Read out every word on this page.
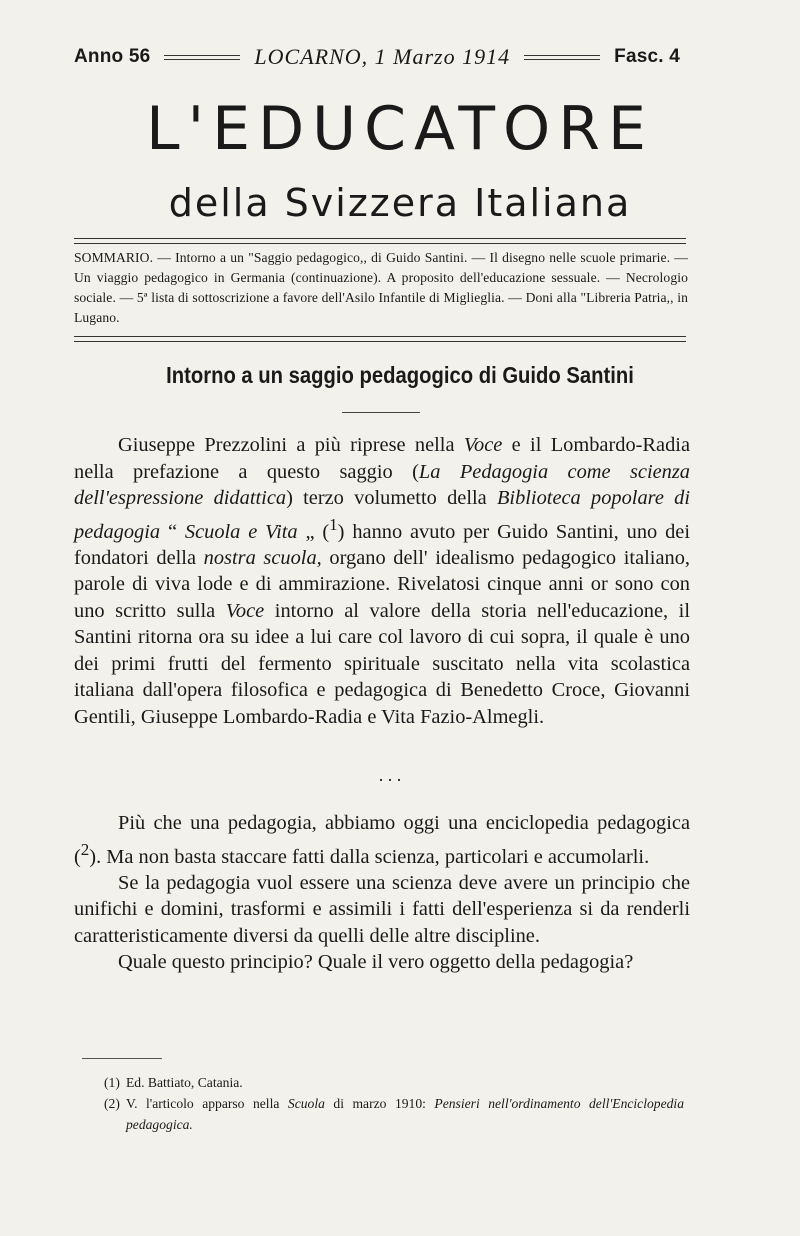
Anno 56	LOCARNO, 1 Marzo 1914	Fasc. 4
L'EDUCATORE
della Svizzera Italiana
SOMMARIO. — Intorno a un "Saggio pedagogico,, di Guido Santini. — Il disegno nelle scuole primarie. — Un viaggio pedagogico in Germania (continuazione). A proposito dell'educazione sessuale. — Necrologio sociale. — 5ª lista di sottoscrizione a favore dell'Asilo Infantile di Miglieglia. — Doni alla "Libreria Patria,, in Lugano.
Intorno a un saggio pedagogico di Guido Santini

Giuseppe Prezzolini a più riprese nella Voce e il Lombardo-Radia nella prefazione a questo saggio (La Pedagogia come scienza dell'espressione didattica) terzo volumetto della Biblioteca popolare di pedagogia “ Scuola e Vita „ ($^1$) hanno avuto per Guido Santini, uno dei fondatori della nostra scuola, organo dell' idealismo pedagogico italiano, parole di viva lode e di ammirazione. Rivelatosi cinque anni or sono con uno scritto sulla Voce intorno al valore della storia nell'educazione, il Santini ritorna ora su idee a lui care col lavoro di cui sopra, il quale è uno dei primi frutti del fermento spirituale suscitato nella vita scolastica italiana dall'opera filosofica e pedagogica di Benedetto Croce, Giovanni Gentili, Giuseppe Lombardo-Radia e Vita Fazio-Almegli.

. . .

Più che una pedagogia, abbiamo oggi una enciclopedia pedagogica ($^2$). Ma non basta staccare fatti dalla scienza, particolari e accumolarli.

Se la pedagogia vuol essere una scienza deve avere un principio che unifichi e domini, trasformi e assimili i fatti dell'esperienza si da renderli caratteristicamente diversi da quelli delle altre discipline.

Quale questo principio? Quale il vero oggetto della pedagogia?

(1) Ed. Battiato, Catania.
(2) V. l'articolo apparso nella Scuola di marzo 1910: Pensieri nell'ordinamento dell'Enciclopedia pedagogica.
